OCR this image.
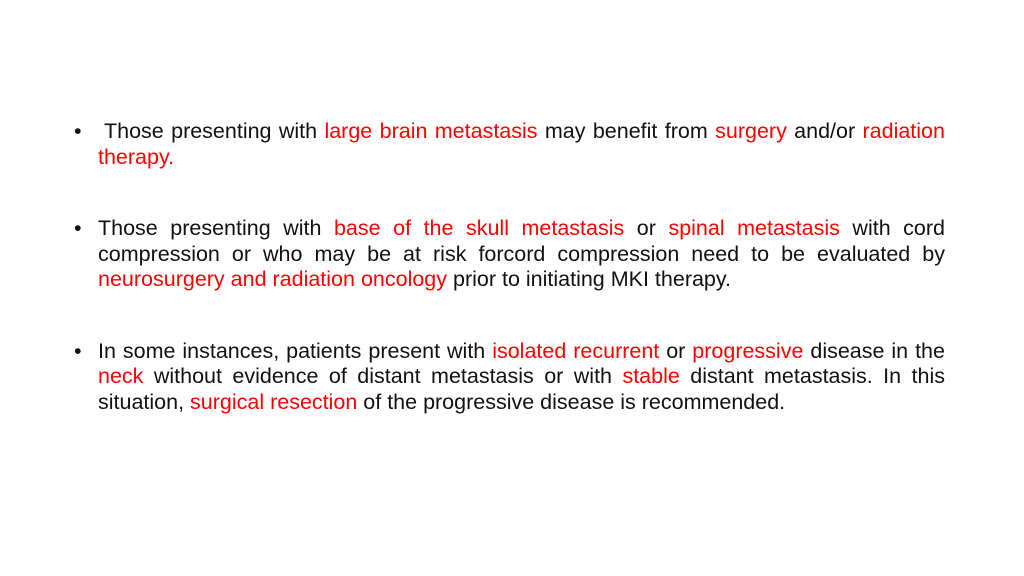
•	Those presenting with large brain metastasis may benefit from surgery and/or radiation therapy.
• Those presenting with base of the skull metastasis or spinal metastasis with cord compression or who may be at risk forcord compression need to be evaluated by neurosurgery and radiation oncology prior to initiating MKI therapy.
• In some instances, patients present with isolated recurrent or progressive disease in the neck without evidence of distant metastasis or with stable distant metastasis. In this situation, surgical resection of the progressive disease is recommended.
